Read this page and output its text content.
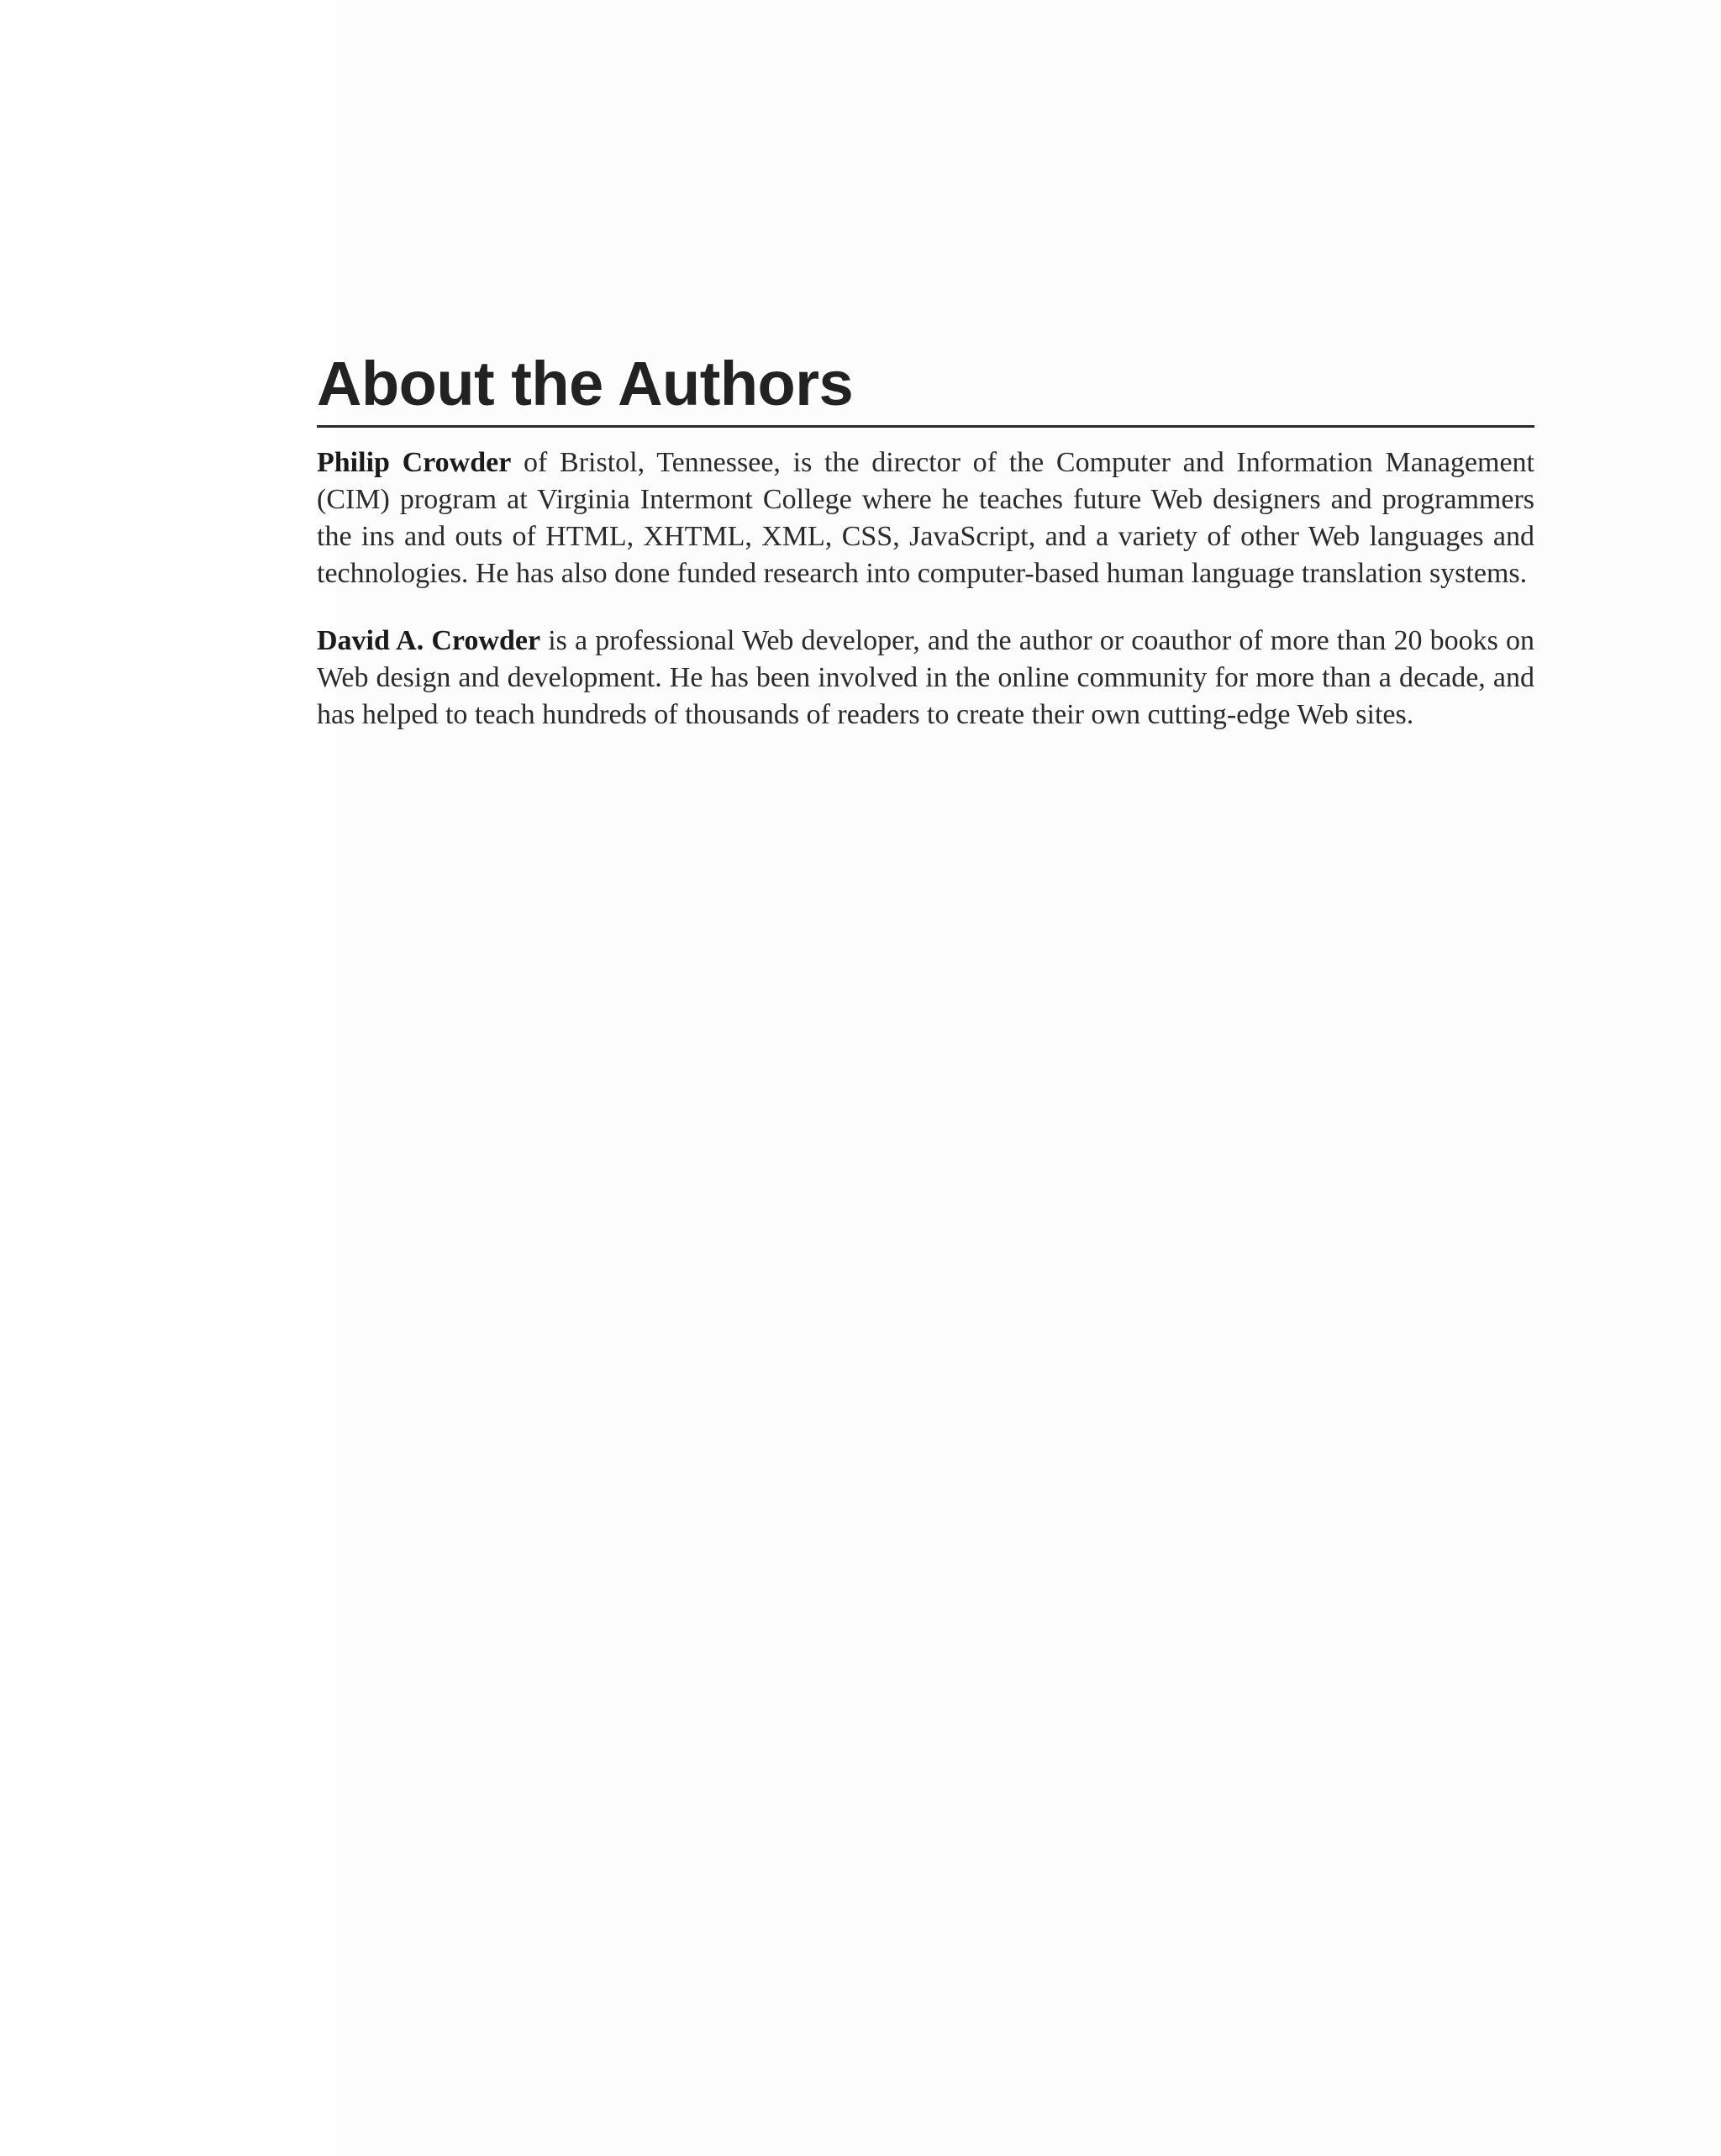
About the Authors

Philip Crowder of Bristol, Tennessee, is the director of the Computer and Information Management (CIM) program at Virginia Intermont College where he teaches future Web designers and programmers the ins and outs of HTML, XHTML, XML, CSS, JavaScript, and a variety of other Web languages and technologies. He has also done funded research into computer-based human language translation systems.

David A. Crowder is a professional Web developer, and the author or coauthor of more than 20 books on Web design and development. He has been involved in the online community for more than a decade, and has helped to teach hundreds of thousands of readers to create their own cutting-edge Web sites.
